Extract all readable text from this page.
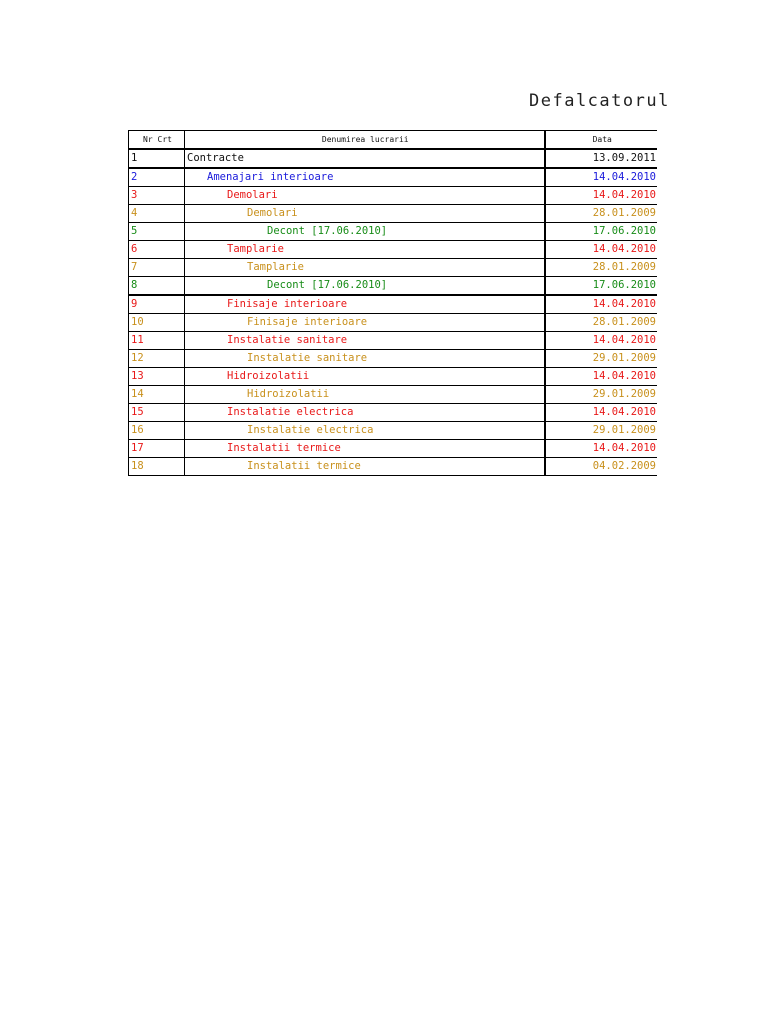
Defalcatorul
Nr Crt	Denumirea lucrarii	Data
1	Contracte	13.09.2011
2	Amenajari interioare	14.04.2010
3	Demolari	14.04.2010
4	Demolari	28.01.2009
5	Decont [17.06.2010]	17.06.2010
6	Tamplarie	14.04.2010
7	Tamplarie	28.01.2009
8	Decont [17.06.2010]	17.06.2010
9	Finisaje interioare	14.04.2010
10	Finisaje interioare	28.01.2009
11	Instalatie sanitare	14.04.2010
12	Instalatie sanitare	29.01.2009
13	Hidroizolatii	14.04.2010
14	Hidroizolatii	29.01.2009
15	Instalatie electrica	14.04.2010
16	Instalatie electrica	29.01.2009
17	Instalatii termice	14.04.2010
18	Instalatii termice	04.02.2009
